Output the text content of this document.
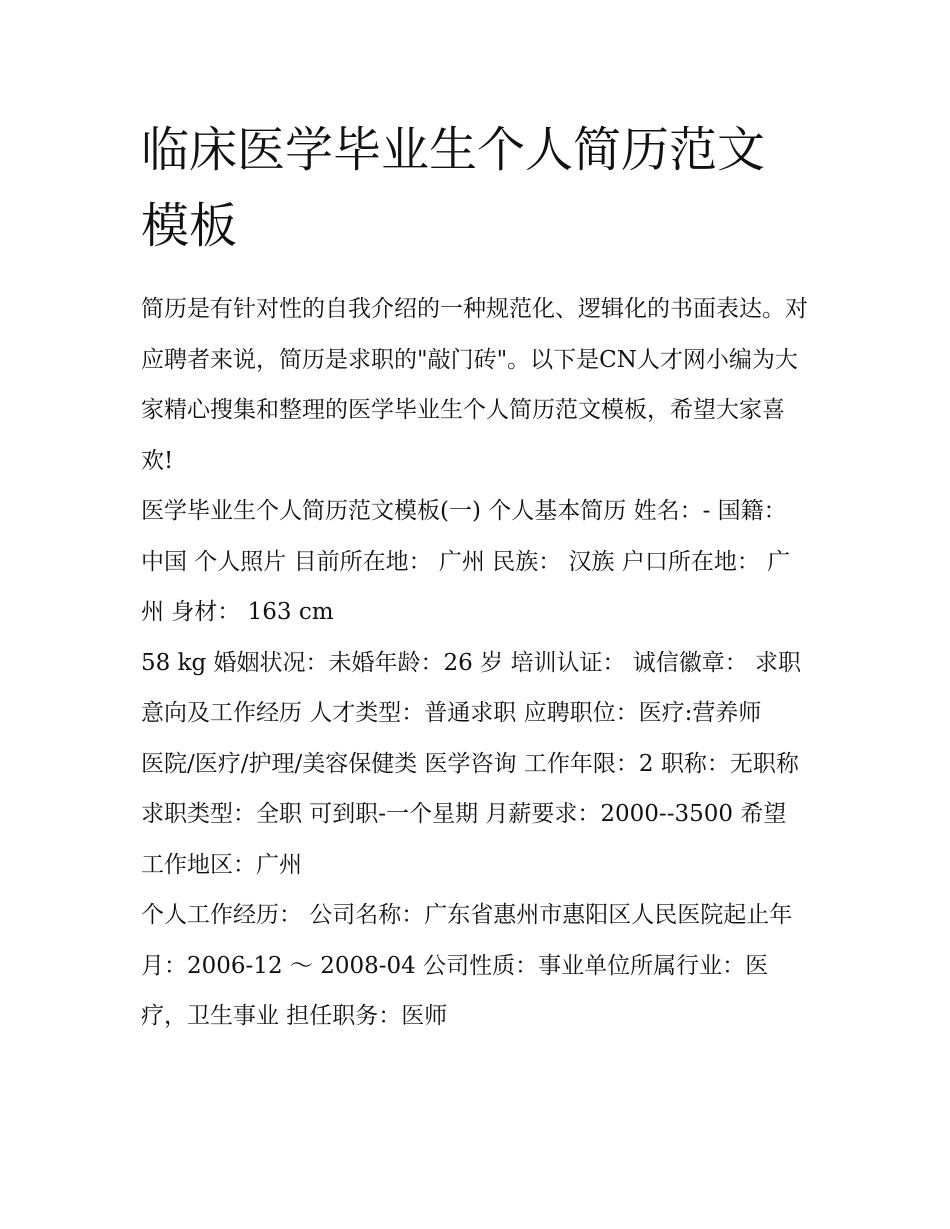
临床医学毕业生个人简历范文模板

简历是有针对性的自我介绍的一种规范化、逻辑化的书面表达。对应聘者来说，简历是求职的"敲门砖"。以下是CN人才网小编为大家精心搜集和整理的医学毕业生个人简历范文模板，希望大家喜欢!

医学毕业生个人简历范文模板(一) 个人基本简历 姓名：- 国籍：中国 个人照片 目前所在地： 广州 民族： 汉族 户口所在地： 广州 身材： 163 cm

58 kg 婚姻状况：未婚年龄：26 岁 培训认证： 诚信徽章： 求职意向及工作经历 人才类型：普通求职 应聘职位：医疗:营养师

医院/医疗/护理/美容保健类 医学咨询 工作年限：2 职称：无职称 求职类型：全职 可到职-一个星期 月薪要求：2000--3500 希望工作地区：广州

个人工作经历： 公司名称：广东省惠州市惠阳区人民医院起止年月：2006-12 ～ 2008-04 公司性质：事业单位所属行业：医疗，卫生事业 担任职务：医师
